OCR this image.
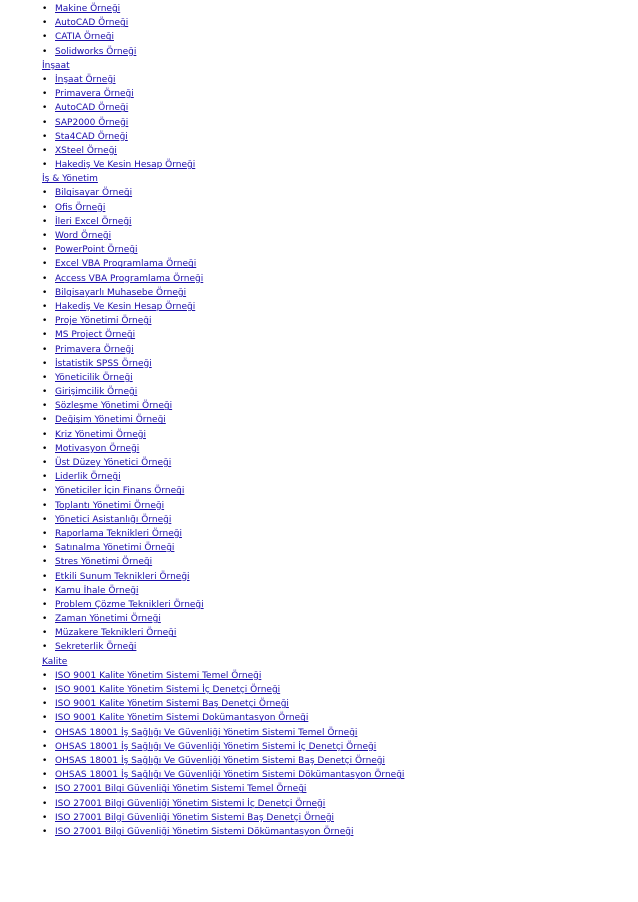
• Makine Örneği
• AutoCAD Örneği
• CATIA Örneği
• Solidworks Örneği
İnşaat
• İnşaat Örneği
• Primavera Örneği
• AutoCAD Örneği
• SAP2000 Örneği
• Sta4CAD Örneği
• XSteel Örneği
• Hakediş Ve Kesin Hesap Örneği
İş & Yönetim
• Bilgisayar Örneği
• Ofis Örneği
• İleri Excel Örneği
• Word Örneği
• PowerPoint Örneği
• Excel VBA Programlama Örneği
• Access VBA Programlama Örneği
• Bilgisayarlı Muhasebe Örneği
• Hakediş Ve Kesin Hesap Örneği
• Proje Yönetimi Örneği
• MS Project Örneği
• Primavera Örneği
• İstatistik SPSS Örneği
• Yöneticilik Örneği
• Girişimcilik Örneği
• Sözleşme Yönetimi Örneği
• Değişim Yönetimi Örneği
• Kriz Yönetimi Örneği
• Motivasyon Örneği
• Üst Düzey Yönetici Örneği
• Liderlik Örneği
• Yöneticiler İçin Finans Örneği
• Toplantı Yönetimi Örneği
• Yönetici Asistanlığı Örneği
• Raporlama Teknikleri Örneği
• Satınalma Yönetimi Örneği
• Stres Yönetimi Örneği
• Etkili Sunum Teknikleri Örneği
• Kamu İhale Örneği
• Problem Çözme Teknikleri Örneği
• Zaman Yönetimi Örneği
• Müzakere Teknikleri Örneği
• Sekreterlik Örneği
Kalite
• ISO 9001 Kalite Yönetim Sistemi Temel Örneği
• ISO 9001 Kalite Yönetim Sistemi İç Denetçi Örneği
• ISO 9001 Kalite Yönetim Sistemi Baş Denetçi Örneği
• ISO 9001 Kalite Yönetim Sistemi Dokümantasyon Örneği
• OHSAS 18001 İş Sağlığı Ve Güvenliği Yönetim Sistemi Temel Örneği
• OHSAS 18001 İş Sağlığı Ve Güvenliği Yönetim Sistemi İç Denetçi Örneği
• OHSAS 18001 İş Sağlığı Ve Güvenliği Yönetim Sistemi Baş Denetçi Örneği
• OHSAS 18001 İş Sağlığı Ve Güvenliği Yönetim Sistemi Dökümantasyon Örneği
• ISO 27001 Bilgi Güvenliği Yönetim Sistemi Temel Örneği
• ISO 27001 Bilgi Güvenliği Yönetim Sistemi İç Denetçi Örneği
• ISO 27001 Bilgi Güvenliği Yönetim Sistemi Baş Denetçi Örneği
• ISO 27001 Bilgi Güvenliği Yönetim Sistemi Dökümantasyon Örneği
